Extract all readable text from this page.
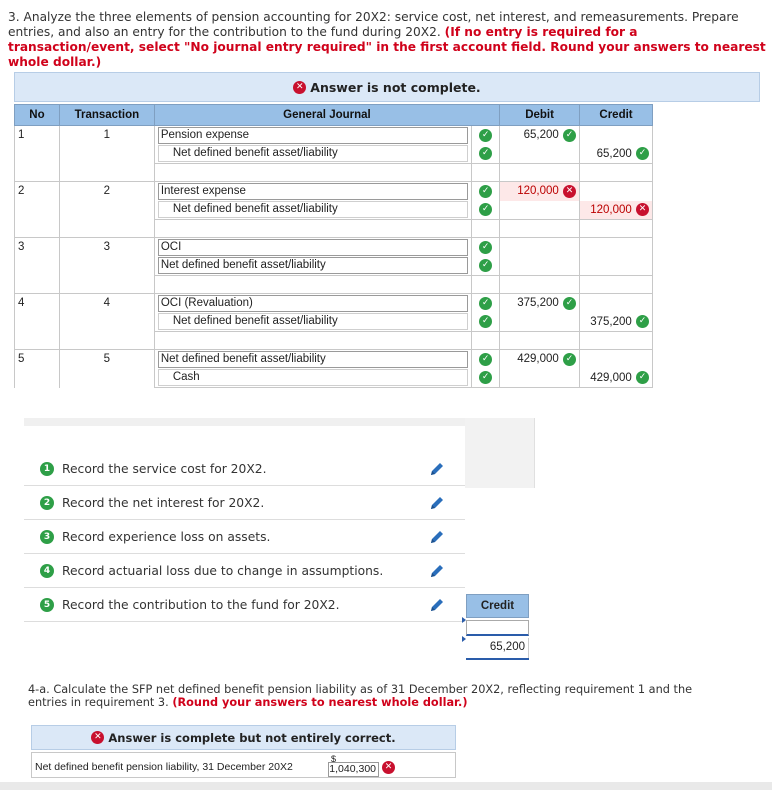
3. Analyze the three elements of pension accounting for 20X2: service cost, net interest, and remeasurements. Prepare entries, and also an entry for the contribution to the fund during 20X2. (If no entry is required for a transaction/event, select "No journal entry required" in the first account field. Round your answers to nearest whole dollar.)
✕ Answer is not complete.
No	Transaction	General Journal		Debit	Credit
1	1	Pension expense	✓	65,200 ✓	

		Net defined benefit asset/liability	✓		65,200 ✓

2	2	Interest expense	✓	120,000 ✕	

		Net defined benefit asset/liability	✓		120,000 ✕

3	3	OCI	✓		

		Net defined benefit asset/liability	✓		

4	4	OCI (Revaluation)	✓	375,200 ✓	

		Net defined benefit asset/liability	✓		375,200 ✓

5	5	Net defined benefit asset/liability	✓	429,000 ✓	

		Cash	✓		429,000 ✓
1 Record the service cost for 20X2.
2 Record the net interest for 20X2.
3 Record experience loss on assets.
4 Record actuarial loss due to change in assumptions.
5 Record the contribution to the fund for 20X2.	Credit
65,200
4-a. Calculate the SFP net defined benefit pension liability as of 31 December 20X2, reflecting requirement 1 and the entries in requirement 3. (Round your answers to nearest whole dollar.)
✕ Answer is complete but not entirely correct.
Net defined benefit pension liability, 31 December 20X2
$
1,040,300 ✕
